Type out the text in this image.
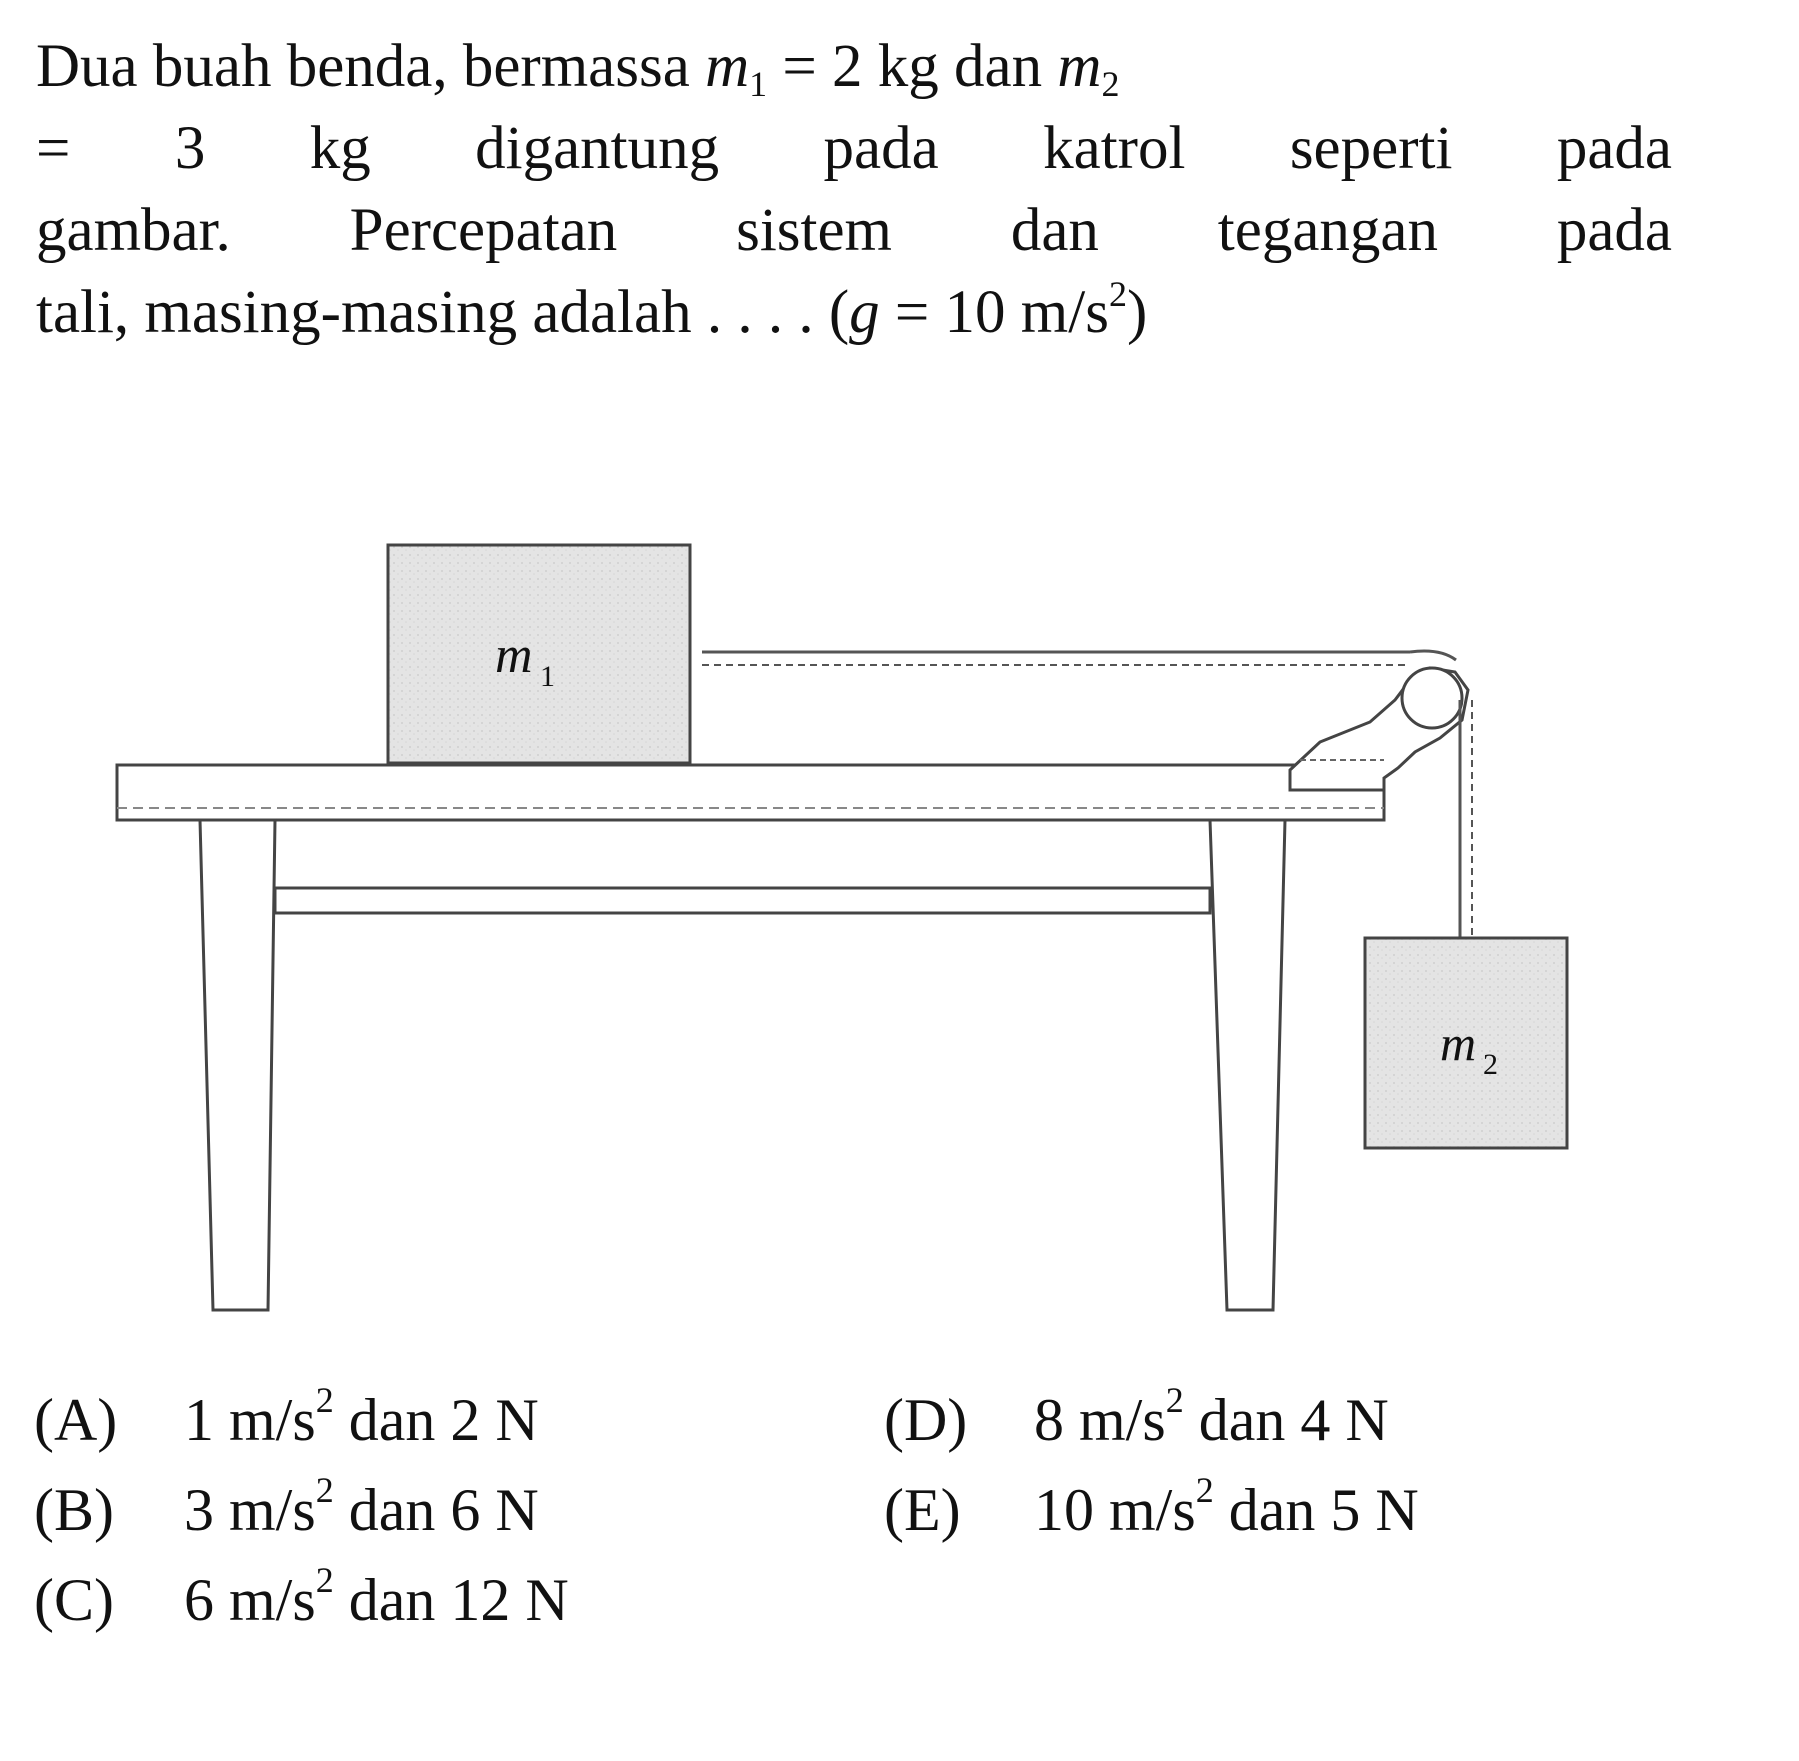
Dua buah benda, bermassa $m_1 = 2$ kg dan $m_2$
= 3 kg digantung pada katrol seperti pada
gambar. Percepatan sistem dan tegangan pada
tali, masing-masing adalah . . . . (g = 10 $m/s^2$)
m 1
m 2
(A) 1 $m/s^2$ dan 2 N
(B) 3 $m/s^2$ dan 6 N
(C) 6 $m/s^2$ dan 12 N
(D) 8 $m/s^2$ dan 4 N
(E) 10 $m/s^2$ dan 5 N
